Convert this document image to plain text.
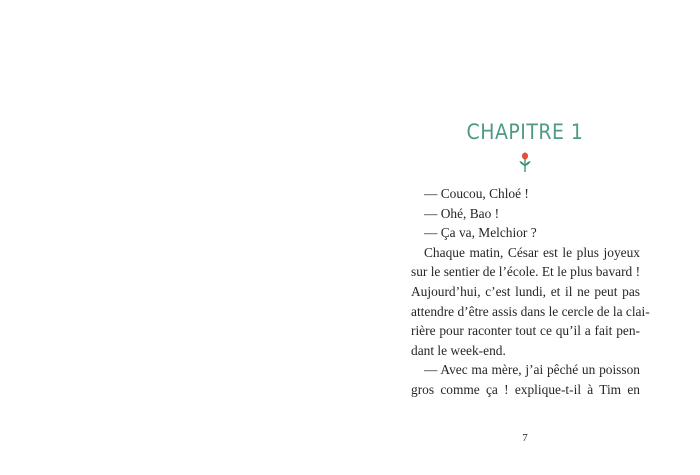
CHAPITRE 1
— Coucou, Chloé !
— Ohé, Bao !
— Ça va, Melchior ?
Chaque matin, César est le plus joyeux
sur le sentier de l’école. Et le plus bavard !
Aujourd’hui, c’est lundi, et il ne peut pas
attendre d’être assis dans le cercle de la clai-
rière pour raconter tout ce qu’il a fait pen-
dant le week-end.
— Avec ma mère, j’ai pêché un poisson
gros comme ça ! explique-t-il à Tim en
7
